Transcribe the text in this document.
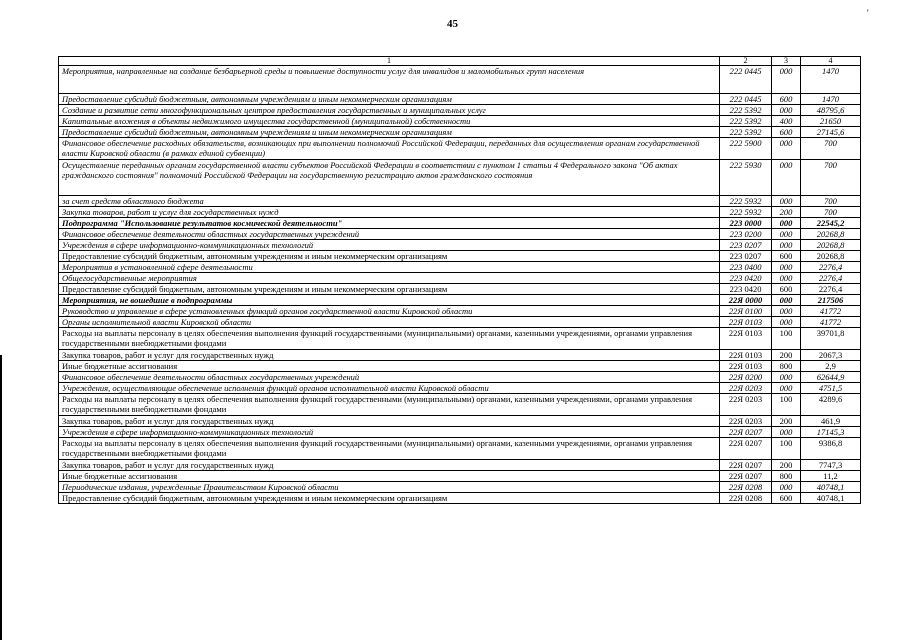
45
'
1	2	3	4
Мероприятия, направленные на создание безбарьерной среды и повышение доступности услуг для инвалидов и маломобильных групп населения	222 0445	000	1470
Предоставление субсидий бюджетным, автономным учреждениям и иным некоммерческим организациям	222 0445	600	1470
Создание и развитие сети многофункциональных центров предоставления государственных и муниципальных услуг	222 5392	000	48795,6
Капитальные вложения в объекты недвижимого имущества государственной (муниципальной) собственности	222 5392	400	21650
Предоставление субсидий бюджетным, автономным учреждениям и иным некоммерческим организациям	222 5392	600	27145,6
Финансовое обеспечение расходных обязательств, возникающих при выполнении полномочий Российской Федерации, переданных для осуществления органам государственной власти Кировской области (в рамках единой субвенции)	222 5900	000	700
Осуществление переданных органам государственной власти субъектов Российской Федерации в соответствии с пунктом 1 статьи 4 Федерального закона "Об актах гражданского состояния" полномочий Российской Федерации на государственную регистрацию актов гражданского состояния	222 5930	000	700
за счет средств областного бюджета	222 5932	000	700
Закупка товаров, работ и услуг для государственных нужд	222 5932	200	700
Подпрограмма "Использование результатов космической деятельности"	223 0000	000	22545,2
Финансовое обеспечение деятельности областных государственных учреждений	223 0200	000	20268,8
Учреждения в сфере информационно-коммуникационных технологий	223 0207	000	20268,8
Предоставление субсидий бюджетным, автономным учреждениям и иным некоммерческим организациям	223 0207	600	20268,8
Мероприятия в установленной сфере деятельности	223 0400	000	2276,4
Общегосударственные мероприятия	223 0420	000	2276,4
Предоставление субсидий бюджетным, автономным учреждениям и иным некоммерческим организациям	223 0420	600	2276,4
Мероприятия, не вошедшие в подпрограммы	22Я 0000	000	217506
Руководство и управление в сфере установленных функций органов государственной власти Кировской области	22Я 0100	000	41772
Органы исполнительной власти Кировской области	22Я 0103	000	41772
Расходы на выплаты персоналу в целях обеспечения выполнения функций государственными (муниципальными) органами, казенными учреждениями, органами управления государственными внебюджетными фондами	22Я 0103	100	39701,8
Закупка товаров, работ и услуг для государственных нужд	22Я 0103	200	2067,3
Иные бюджетные ассигнования	22Я 0103	800	2,9
Финансовое обеспечение деятельности областных государственных учреждений	22Я 0200	000	62644,9
Учреждения, осуществляющие обеспечение исполнения функций органов исполнительной власти Кировской области	22Я 0203	000	4751,5
Расходы на выплаты персоналу в целях обеспечения выполнения функций государственными (муниципальными) органами, казенными учреждениями, органами управления государственными внебюджетными фондами	22Я 0203	100	4289,6
Закупка товаров, работ и услуг для государственных нужд	22Я 0203	200	461,9
Учреждения в сфере информационно-коммуникационных технологий	22Я 0207	000	17145,3
Расходы на выплаты персоналу в целях обеспечения выполнения функций государственными (муниципальными) органами, казенными учреждениями, органами управления государственными внебюджетными фондами	22Я 0207	100	9386,8
Закупка товаров, работ и услуг для государственных нужд	22Я 0207	200	7747,3
Иные бюджетные ассигнования	22Я 0207	800	11,2
Периодические издания, учрежденные Правительством Кировской области	22Я 0208	000	40748,1
Предоставление субсидий бюджетным, автономным учреждениям и иным некоммерческим организациям	22Я 0208	600	40748,1
